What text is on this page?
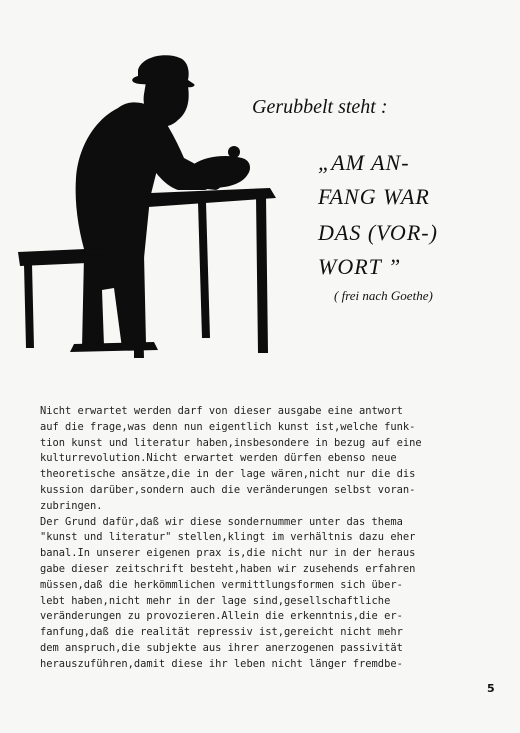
Gerubbelt steht :
„AM AN-
FANG WAR
DAS (VOR-)
WORT ”
( frei nach Goethe)
Nicht erwartet werden darf von dieser ausgabe eine antwort
auf die frage,was denn nun eigentlich kunst ist,welche funk-
tion kunst und literatur haben,insbesondere in bezug auf eine
kulturrevolution.Nicht erwartet werden dürfen ebenso neue
theoretische ansätze,die in der lage wären,nicht nur die dis
kussion darüber,sondern auch die veränderungen selbst voran-
zubringen.
Der Grund dafür,daß wir diese sondernummer unter das thema
"kunst und literatur" stellen,klingt im verhältnis dazu eher
banal.In unserer eigenen prax is,die nicht nur in der heraus
gabe dieser zeitschrift besteht,haben wir zusehends erfahren
müssen,daß die herkömmlichen vermittlungsformen sich über-
lebt haben,nicht mehr in der lage sind,gesellschaftliche
veränderungen zu provozieren.Allein die erkenntnis,die er-
fanfung,daß die realität repressiv ist,gereicht nicht mehr
dem anspruch,die subjekte aus ihrer anerzogenen passivität
herauszuführen,damit diese ihr leben nicht länger fremdbe-
5
